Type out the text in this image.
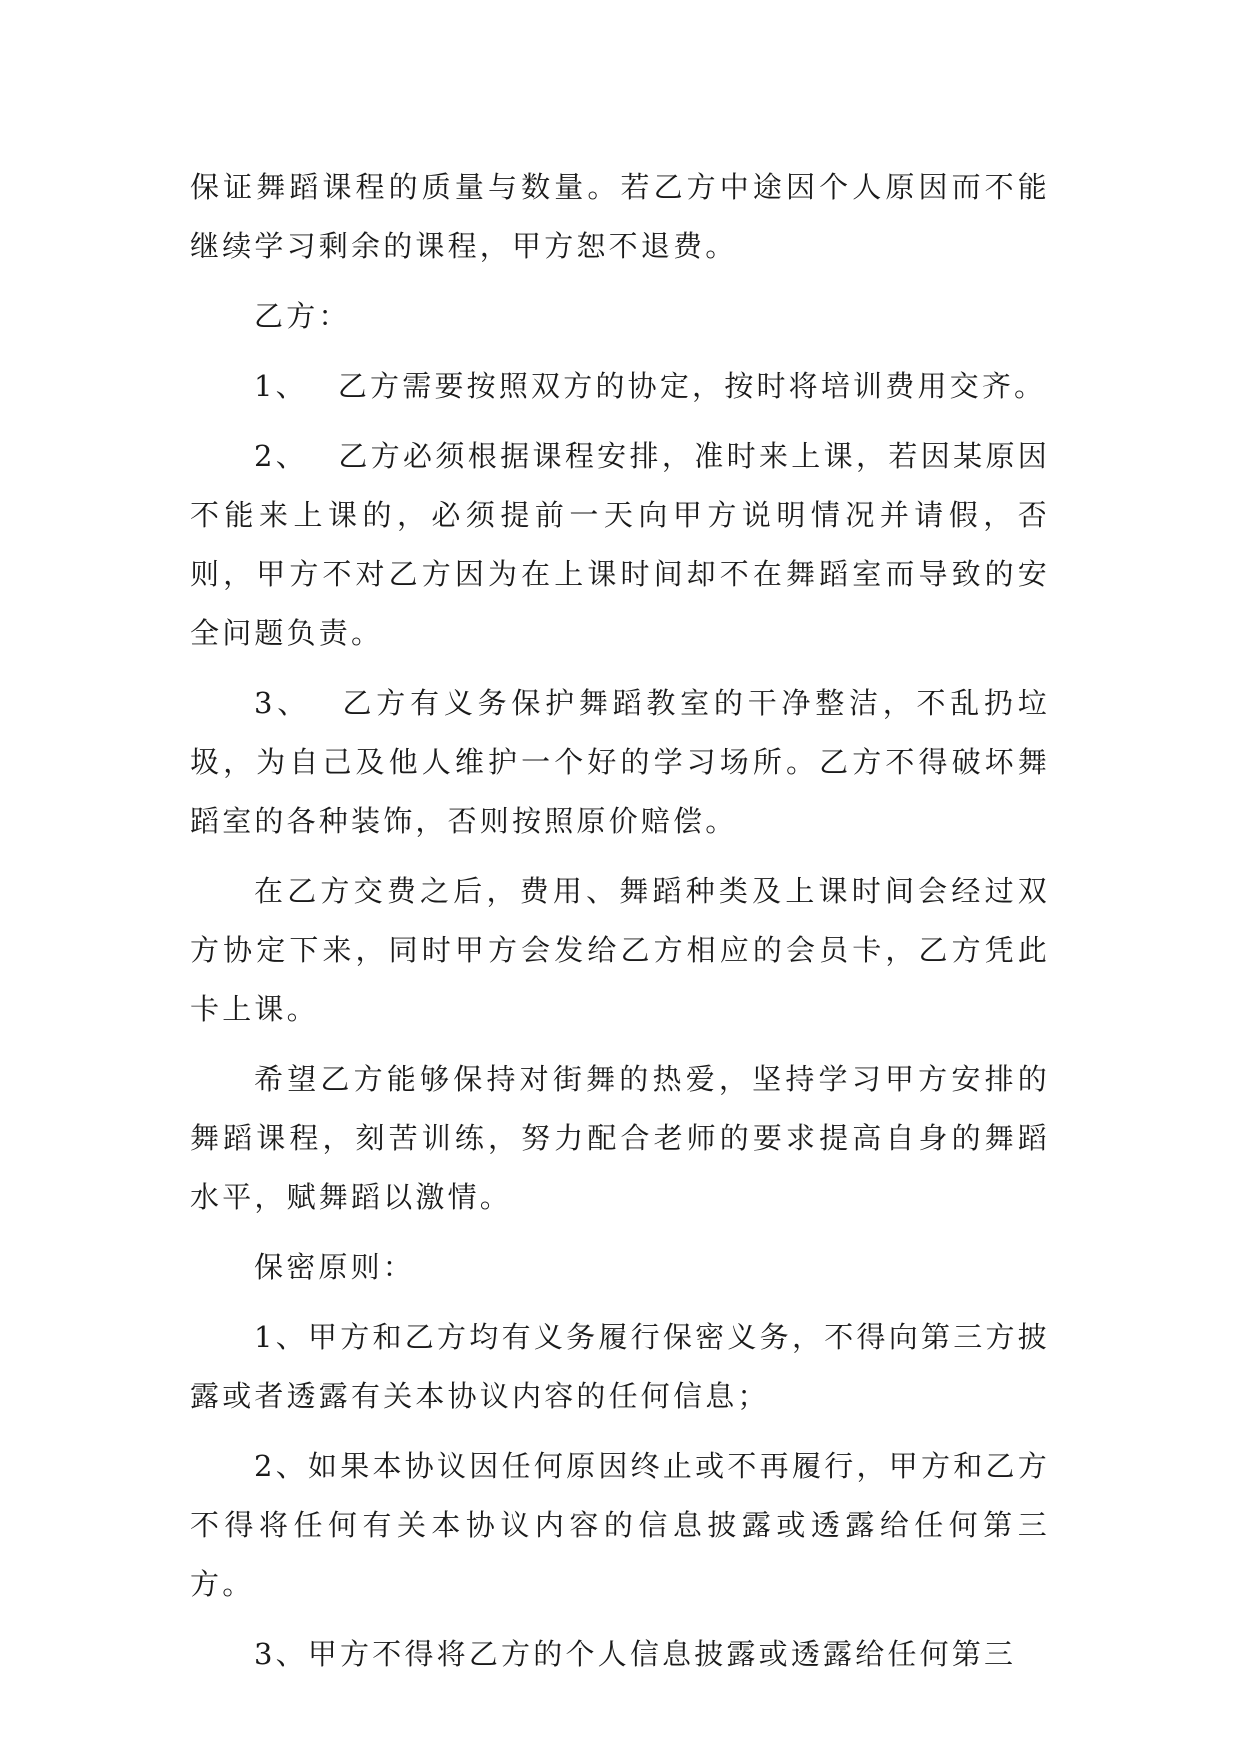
保证舞蹈课程的质量与数量。若乙方中途因个人原因而不能继续学习剩余的课程，甲方恕不退费。

乙方：

1、 乙方需要按照双方的协定，按时将培训费用交齐。

2、 乙方必须根据课程安排，准时来上课，若因某原因不能来上课的，必须提前一天向甲方说明情况并请假，否则，甲方不对乙方因为在上课时间却不在舞蹈室而导致的安全问题负责。

3、 乙方有义务保护舞蹈教室的干净整洁，不乱扔垃圾，为自己及他人维护一个好的学习场所。乙方不得破坏舞蹈室的各种装饰，否则按照原价赔偿。

在乙方交费之后，费用、舞蹈种类及上课时间会经过双方协定下来，同时甲方会发给乙方相应的会员卡，乙方凭此卡上课。

希望乙方能够保持对街舞的热爱，坚持学习甲方安排的舞蹈课程，刻苦训练，努力配合老师的要求提高自身的舞蹈水平，赋舞蹈以激情。

保密原则：

1、甲方和乙方均有义务履行保密义务，不得向第三方披露或者透露有关本协议内容的任何信息；

2、如果本协议因任何原因终止或不再履行，甲方和乙方不得将任何有关本协议内容的信息披露或透露给任何第三方。

3、甲方不得将乙方的个人信息披露或透露给任何第三
